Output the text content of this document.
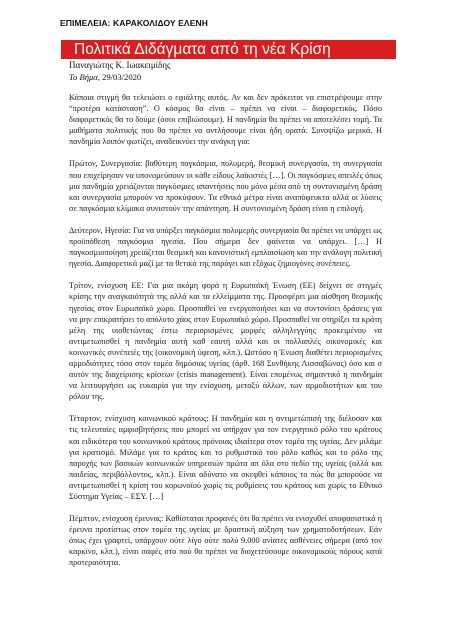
ΕΠΙΜΕΛΕΙΑ: ΚΑΡΑΚΟΛΙΔΟΥ ΕΛΕΝΗ
Πολιτικά Διδάγματα από τη νέα Κρίση
Παναγιώτης Κ. Ιωακειμίδης
Το Βήμα, 29/03/2020

Κάποια στιγμή θα τελειώσει ο εφιάλτης αυτός. Αν και δεν πρόκειται να επιστρέψουμε στην “προτέρα κατάσταση”. Ο κόσμος θα είναι – πρέπει να είναι – διαφορετικός. Πόσο διαφορετικός θα το δούμε (όσοι επιβιώσουμε). Η πανδημία θα πρέπει να αποτελέσει τομή. Τα μαθήματα πολιτικής που θα πρέπει να αντλήσουμε είναι ήδη ορατά. Συνοψίζω μερικά. Η πανδημία λοιπόν φωτίζει, αναδεικνύει την ανάγκη για:

Πρώτον, Συνεργασία: βαθύτερη παγκόσμια, πολυμερή, θεσμική συνεργασία, τη συνεργασία που επιχείρησαν να υπονομεύσουν οι κάθε είδους λαϊκιστές […]. Οι παγκόσμιες απειλές όπως μια πανδημία χρειάζονται παγκόσμιες απαντήσεις που μόνο μέσα από τη συντονισμένη δράση και συνεργασία μπορούν να προκύψουν. Τα εθνικά μέτρα είναι αναπόφευκτα αλλά οι λύσεις σε παγκόσμια κλίμακα συνιστούν την απάντηση. Η συντονισμένη δράση είναι η επιλογή.

Δεύτερον, Ηγεσία: Για να υπάρξει παγκόσμια πολυμερής συνεργασία θα πρέπει να υπάρχει ως προϋπόθεση παγκόσμια ηγεσία. Που σήμερα δεν φαίνεται να υπάρχει. […] Η παγκοσμιοποίηση χρειάζεται θεσμική και κανονιστική εμπλαισίωση και την ανάλογη πολιτική ηγεσία. Διαφορετικά μαζί με τα θετικά της παράγει και εξόχως ζημιογόνες συνέπειες.

Τρίτον, ενίσχυση ΕΕ: Για μια ακόμη φορά η Ευρωπαϊκή Ένωση (ΕΕ) δείχνει σε στιγμές κρίσης την αναγκαιότητά της αλλά και τα ελλείμματα της. Προσφέρει μια αίσθηση θεσμικής ηγεσίας στον Ευρωπαϊκό χώρο. Προσπαθεί να ενεργοποιήσει και να συντονίσει δράσεις για να μην επικρατήσει το απόλυτο χάος στον Ευρωπαϊκό χώρο. Προσπαθεί να στηρίξει τα κράτη μέλη της υιοθετώντας έστω περιορισμένες μορφές αλληλεγγύης προκειμένου να αντιμετωπισθεί η πανδημία αυτή καθ εαυτή αλλά και οι πολλαπλές οικονομικές και κοινωνικές συνέπειές της (οικονομική ύφεση, κλπ.). Ωστόσο η Ένωση διαθέτει περιορισμένες αρμοδιότητες τόσο στον τομέα δημόσιας υγείας (άρθ. 168 Συνθήκης Λισσαβώνας) όσο και σ αυτόν της διαχείρισης κρίσεων (crisis management). Είναι επομένως σημαντικό η πανδημία να λειτουργήσει ως ευκαιρία για την ενίσχυση, μεταξύ άλλων, των αρμοδιοτήτων και του ρόλου της.

Τέταρτον, ενίσχυση κοινωνικού κράτους: Η πανδημία και η αντιμετώπισή της διέλυσαν και τις τελευταίες αμφισβητήσεις που μπορεί να υπήρχαν για τον ενεργητικό ρόλο του κράτους και ειδικότερα του κοινωνικού κράτους πρόνοιας ιδιαίτερα στον τομέα της υγείας. Δεν μιλάμε για κρατισμό. Μιλάμε για το κράτος και το ρυθμιστικό του ρόλο καθώς και το ρόλο της παροχής των βασικών κοινωνικών υπηρεσιών πρώτα απ όλα στο πεδίο της υγείας (αλλά και παιδείας, περιβάλλοντος, κλπ.). Είναι αδύνατο να σκεφθεί κάποιος το πώς θα μπορούσε να αντιμετωπισθεί η κρίση του κορωνοϊού χωρίς τις ρυθμίσεις του κράτους και χωρίς το Εθνικό Σύστημα Υγείας – ΕΣΥ. […]

Πέμπτον, ενίσχυση έρευνας: Καθίσταται προφανές ότι θα πρέπει να ενισχυθεί αποφασιστικά η έρευνα προτίστως στον τομέα της υγείας με δραστική αύξηση των χρηματοδοτήσεων. Εάν όπως έχει γραφτεί, υπάρχουν ούτε λίγο ούτε πολύ 9.000 ανίατες ασθένειες σήμερα (από τον καρκίνο, κλπ.), είναι σαφές στο πού θα πρέπει να διοχετεύσουμε οικονομικούς πόρους κατά προτεραιότητα.
